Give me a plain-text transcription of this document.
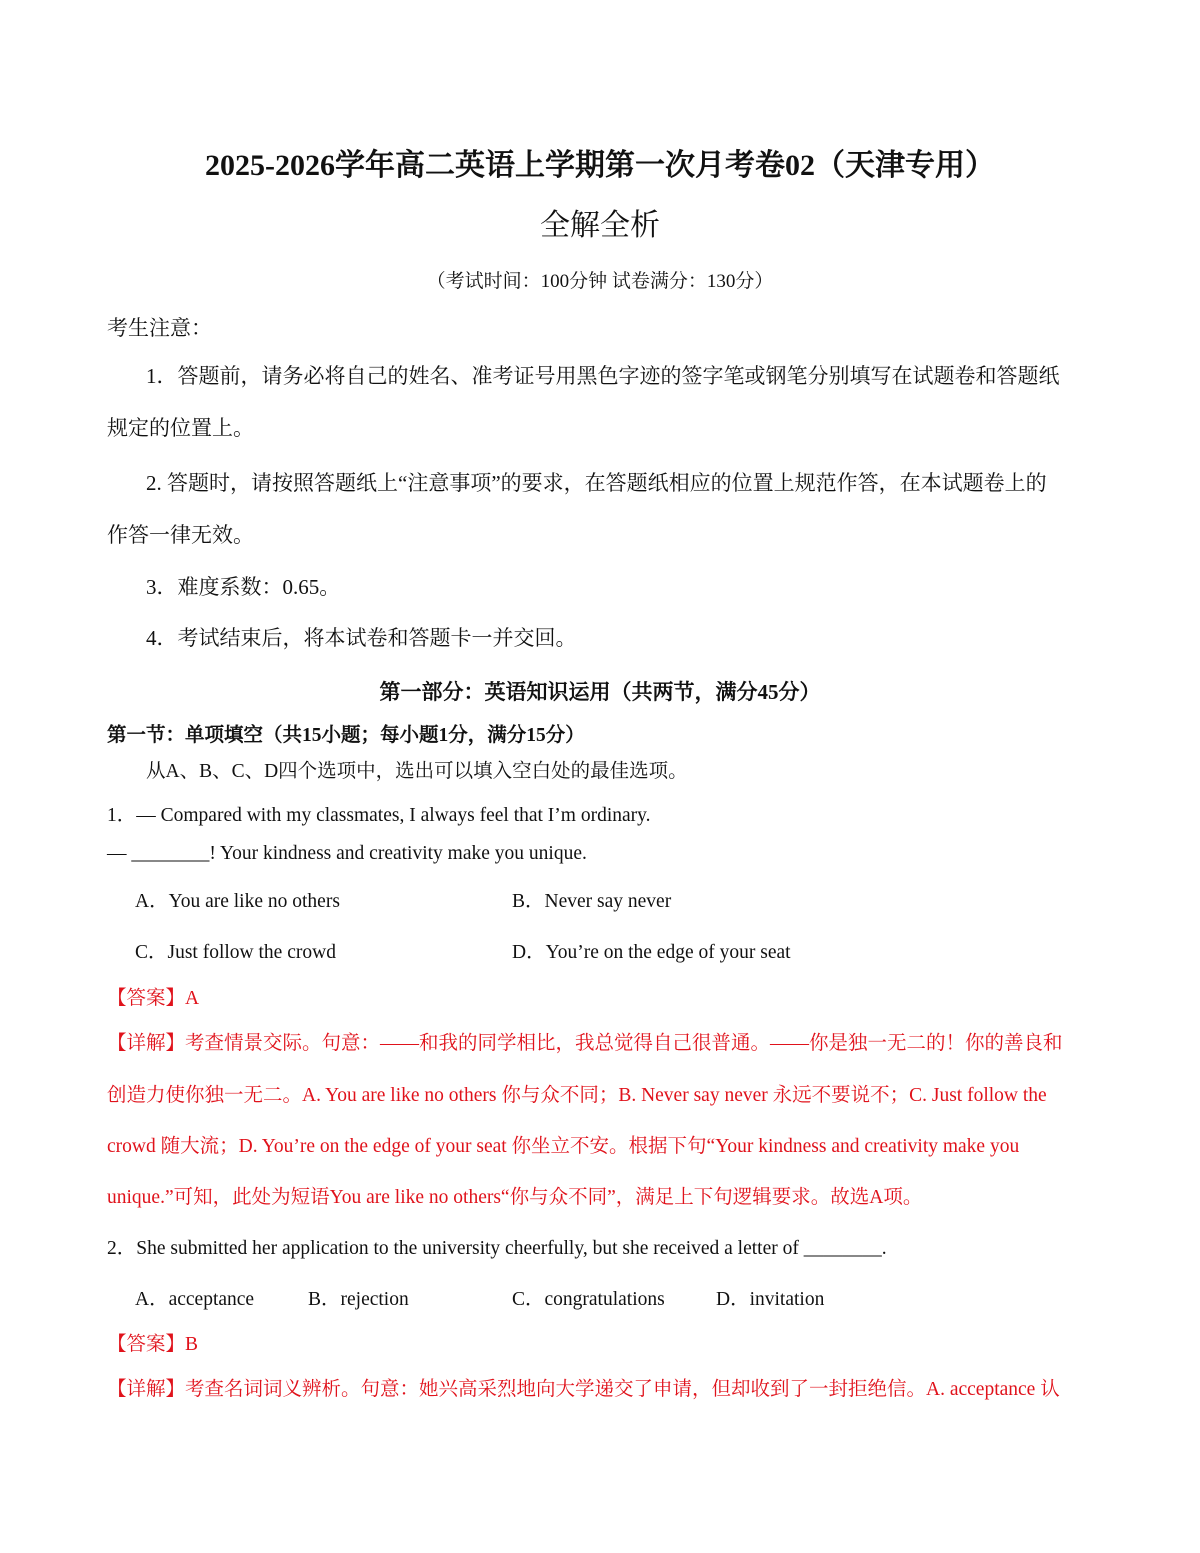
2025-2026学年高二英语上学期第一次月考卷02（天津专用）
全解全析
（考试时间：100分钟 试卷满分：130分）
考生注意：
1．答题前，请务必将自己的姓名、准考证号用黑色字迹的签字笔或钢笔分别填写在试题卷和答题纸
规定的位置上。
2. 答题时，请按照答题纸上“注意事项”的要求，在答题纸相应的位置上规范作答，在本试题卷上的
作答一律无效。
3．难度系数：0.65。
4．考试结束后，将本试卷和答题卡一并交回。
第一部分：英语知识运用（共两节，满分45分）
第一节：单项填空（共15小题；每小题1分，满分15分）
从A、B、C、D四个选项中，选出可以填入空白处的最佳选项。
1．— Compared with my classmates, I always feel that I’m ordinary.
— ________! Your kindness and creativity make you unique.
A．You are like no others	B．Never say never
C．Just follow the crowd	D．You’re on the edge of your seat
【答案】A
【详解】考查情景交际。句意：——和我的同学相比，我总觉得自己很普通。——你是独一无二的！你的善良和
创造力使你独一无二。A. You are like no others 你与众不同；B. Never say never 永远不要说不；C. Just follow the
crowd 随大流；D. You’re on the edge of your seat 你坐立不安。根据下句“Your kindness and creativity make you
unique.”可知，此处为短语You are like no others“你与众不同”，满足上下句逻辑要求。故选A项。
2．She submitted her application to the university cheerfully, but she received a letter of ________.
A．acceptance	B．rejection	C．congratulations	D．invitation
【答案】B
【详解】考查名词词义辨析。句意：她兴高采烈地向大学递交了申请，但却收到了一封拒绝信。A. acceptance 认
